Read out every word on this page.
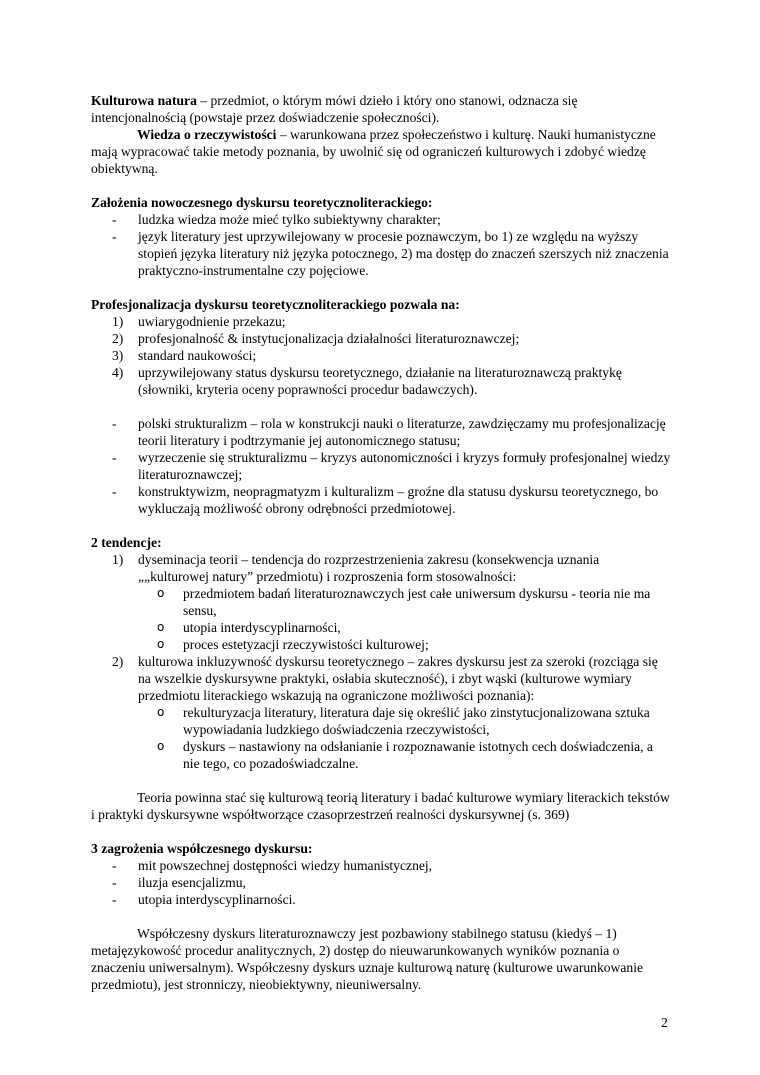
Kulturowa natura – przedmiot, o którym mówi dzieło i który ono stanowi, odznacza się intencjonalnością (powstaje przez doświadczenie społeczności).

Wiedza o rzeczywistości – warunkowana przez społeczeństwo i kulturę. Nauki humanistyczne mają wypracować takie metody poznania, by uwolnić się od ograniczeń kulturowych i zdobyć wiedzę obiektywną.

Założenia nowoczesnego dyskursu teoretycznoliterackiego:

- ludzka wiedza może mieć tylko subiektywny charakter;
- język literatury jest uprzywilejowany w procesie poznawczym, bo 1) ze względu na wyższy stopień języka literatury niż języka potocznego, 2) ma dostęp do znaczeń szerszych niż znaczenia praktyczno-instrumentalne czy pojęciowe.

Profesjonalizacja dyskursu teoretycznoliterackiego pozwala na:

1) uwiarygodnienie przekazu;
2) profesjonalność & instytucjonalizacja działalności literaturoznawczej;
3) standard naukowości;
4) uprzywilejowany status dyskursu teoretycznego, działanie na literaturoznawczą praktykę (słowniki, kryteria oceny poprawności procedur badawczych).
- polski strukturalizm – rola w konstrukcji nauki o literaturze, zawdzięczamy mu profesjonalizację teorii literatury i podtrzymanie jej autonomicznego statusu;
- wyrzeczenie się strukturalizmu – kryzys autonomiczności i kryzys formuły profesjonalnej wiedzy literaturoznawczej;
- konstruktywizm, neopragmatyzm i kulturalizm – groźne dla statusu dyskursu teoretycznego, bo wykluczają możliwość obrony odrębności przedmiotowej.

2 tendencje:

1) dyseminacja teorii – tendencja do rozprzestrzenienia zakresu (konsekwencja uznania „„kulturowej natury” przedmiotu) i rozproszenia form stosowalności:
o przedmiotem badań literaturoznawczych jest całe uniwersum dyskursu - teoria nie ma sensu,
o utopia interdyscyplinarności,
o proces estetyzacji rzeczywistości kulturowej;
2) kulturowa inkluzywność dyskursu teoretycznego – zakres dyskursu jest za szeroki (rozciąga się na wszelkie dyskursywne praktyki, osłabia skuteczność), i zbyt wąski (kulturowe wymiary przedmiotu literackiego wskazują na ograniczone możliwości poznania):
o rekulturyzacja literatury, literatura daje się określić jako zinstytucjonalizowana sztuka wypowiadania ludzkiego doświadczenia rzeczywistości,
o dyskurs – nastawiony na odsłanianie i rozpoznawanie istotnych cech doświadczenia, a nie tego, co pozadoświadczalne.

Teoria powinna stać się kulturową teorią literatury i badać kulturowe wymiary literackich tekstów i praktyki dyskursywne współtworzące czasoprzestrzeń realności dyskursywnej (s. 369)

3 zagrożenia współczesnego dyskursu:

- mit powszechnej dostępności wiedzy humanistycznej,
- iluzja esencjalizmu,
- utopia interdyscyplinarności.

Współczesny dyskurs literaturoznawczy jest pozbawiony stabilnego statusu (kiedyś – 1) metajęzykowość procedur analitycznych, 2) dostęp do nieuwarunkowanych wyników poznania o znaczeniu uniwersalnym). Współczesny dyskurs uznaje kulturową naturę (kulturowe uwarunkowanie przedmiotu), jest stronniczy, nieobiektywny, nieuniwersalny.

2
